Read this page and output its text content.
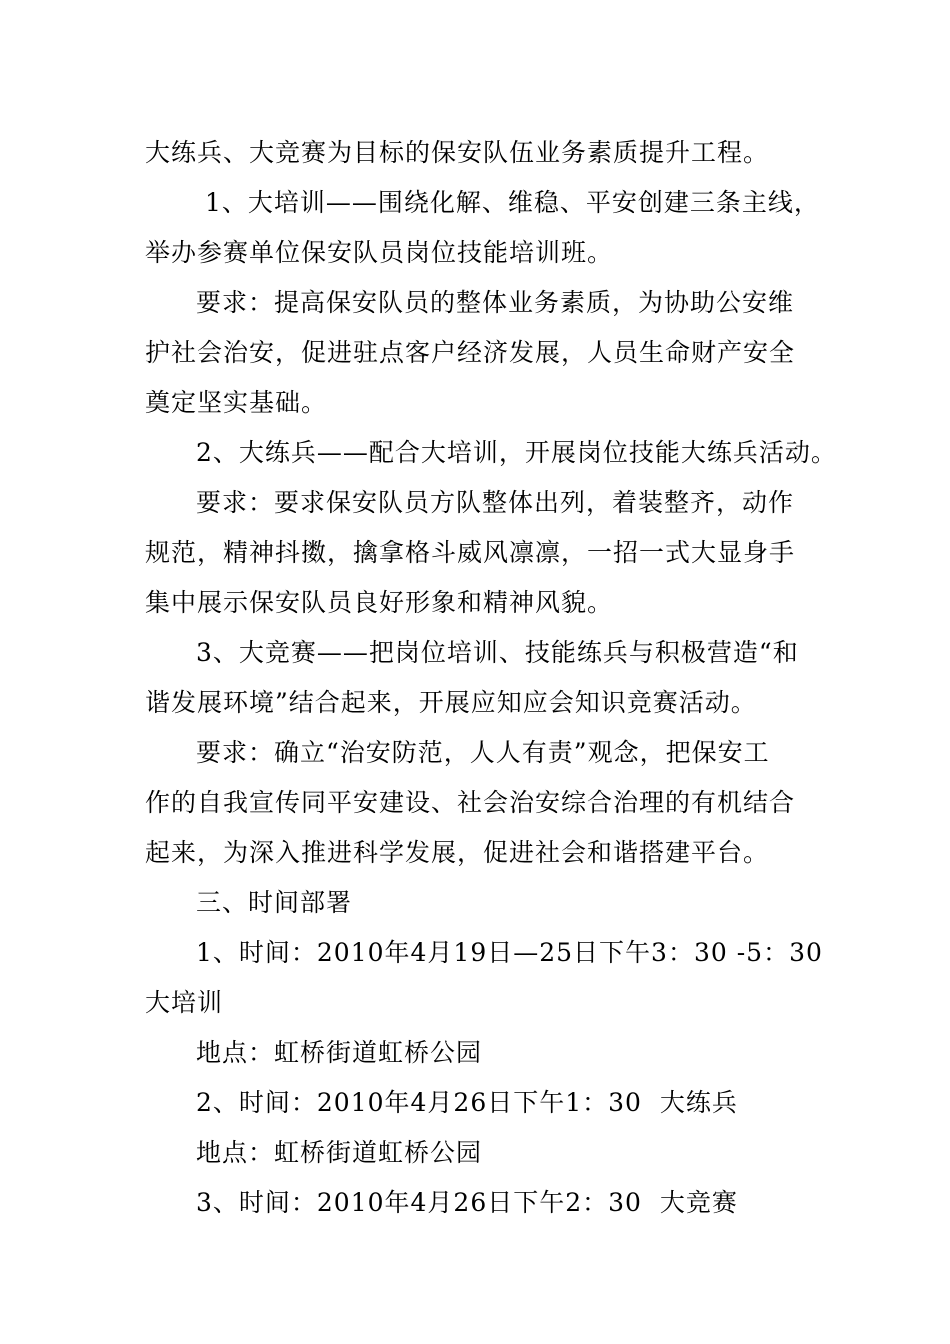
大练兵、大竞赛为目标的保安队伍业务素质提升工程。
1、大培训——围绕化解、维稳、平安创建三条主线，
举办参赛单位保安队员岗位技能培训班。
要求：提高保安队员的整体业务素质，为协助公安维
护社会治安，促进驻点客户经济发展，人员生命财产安全
奠定坚实基础。
2、大练兵——配合大培训，开展岗位技能大练兵活动。
要求：要求保安队员方队整体出列，着装整齐，动作
规范，精神抖擞，擒拿格斗威风凛凛，一招一式大显身手
集中展示保安队员良好形象和精神风貌。
3、大竞赛——把岗位培训、技能练兵与积极营造“和
谐发展环境”结合起来，开展应知应会知识竞赛活动。
要求：确立“治安防范，人人有责”观念，把保安工
作的自我宣传同平安建设、社会治安综合治理的有机结合
起来，为深入推进科学发展，促进社会和谐搭建平台。
三、时间部署
1、时间：2010年4月19日—25日下午3：30 -5：30
大培训
地点：虹桥街道虹桥公园
2、时间：2010年4月26日下午1：30  大练兵
地点：虹桥街道虹桥公园
3、时间：2010年4月26日下午2：30  大竞赛
